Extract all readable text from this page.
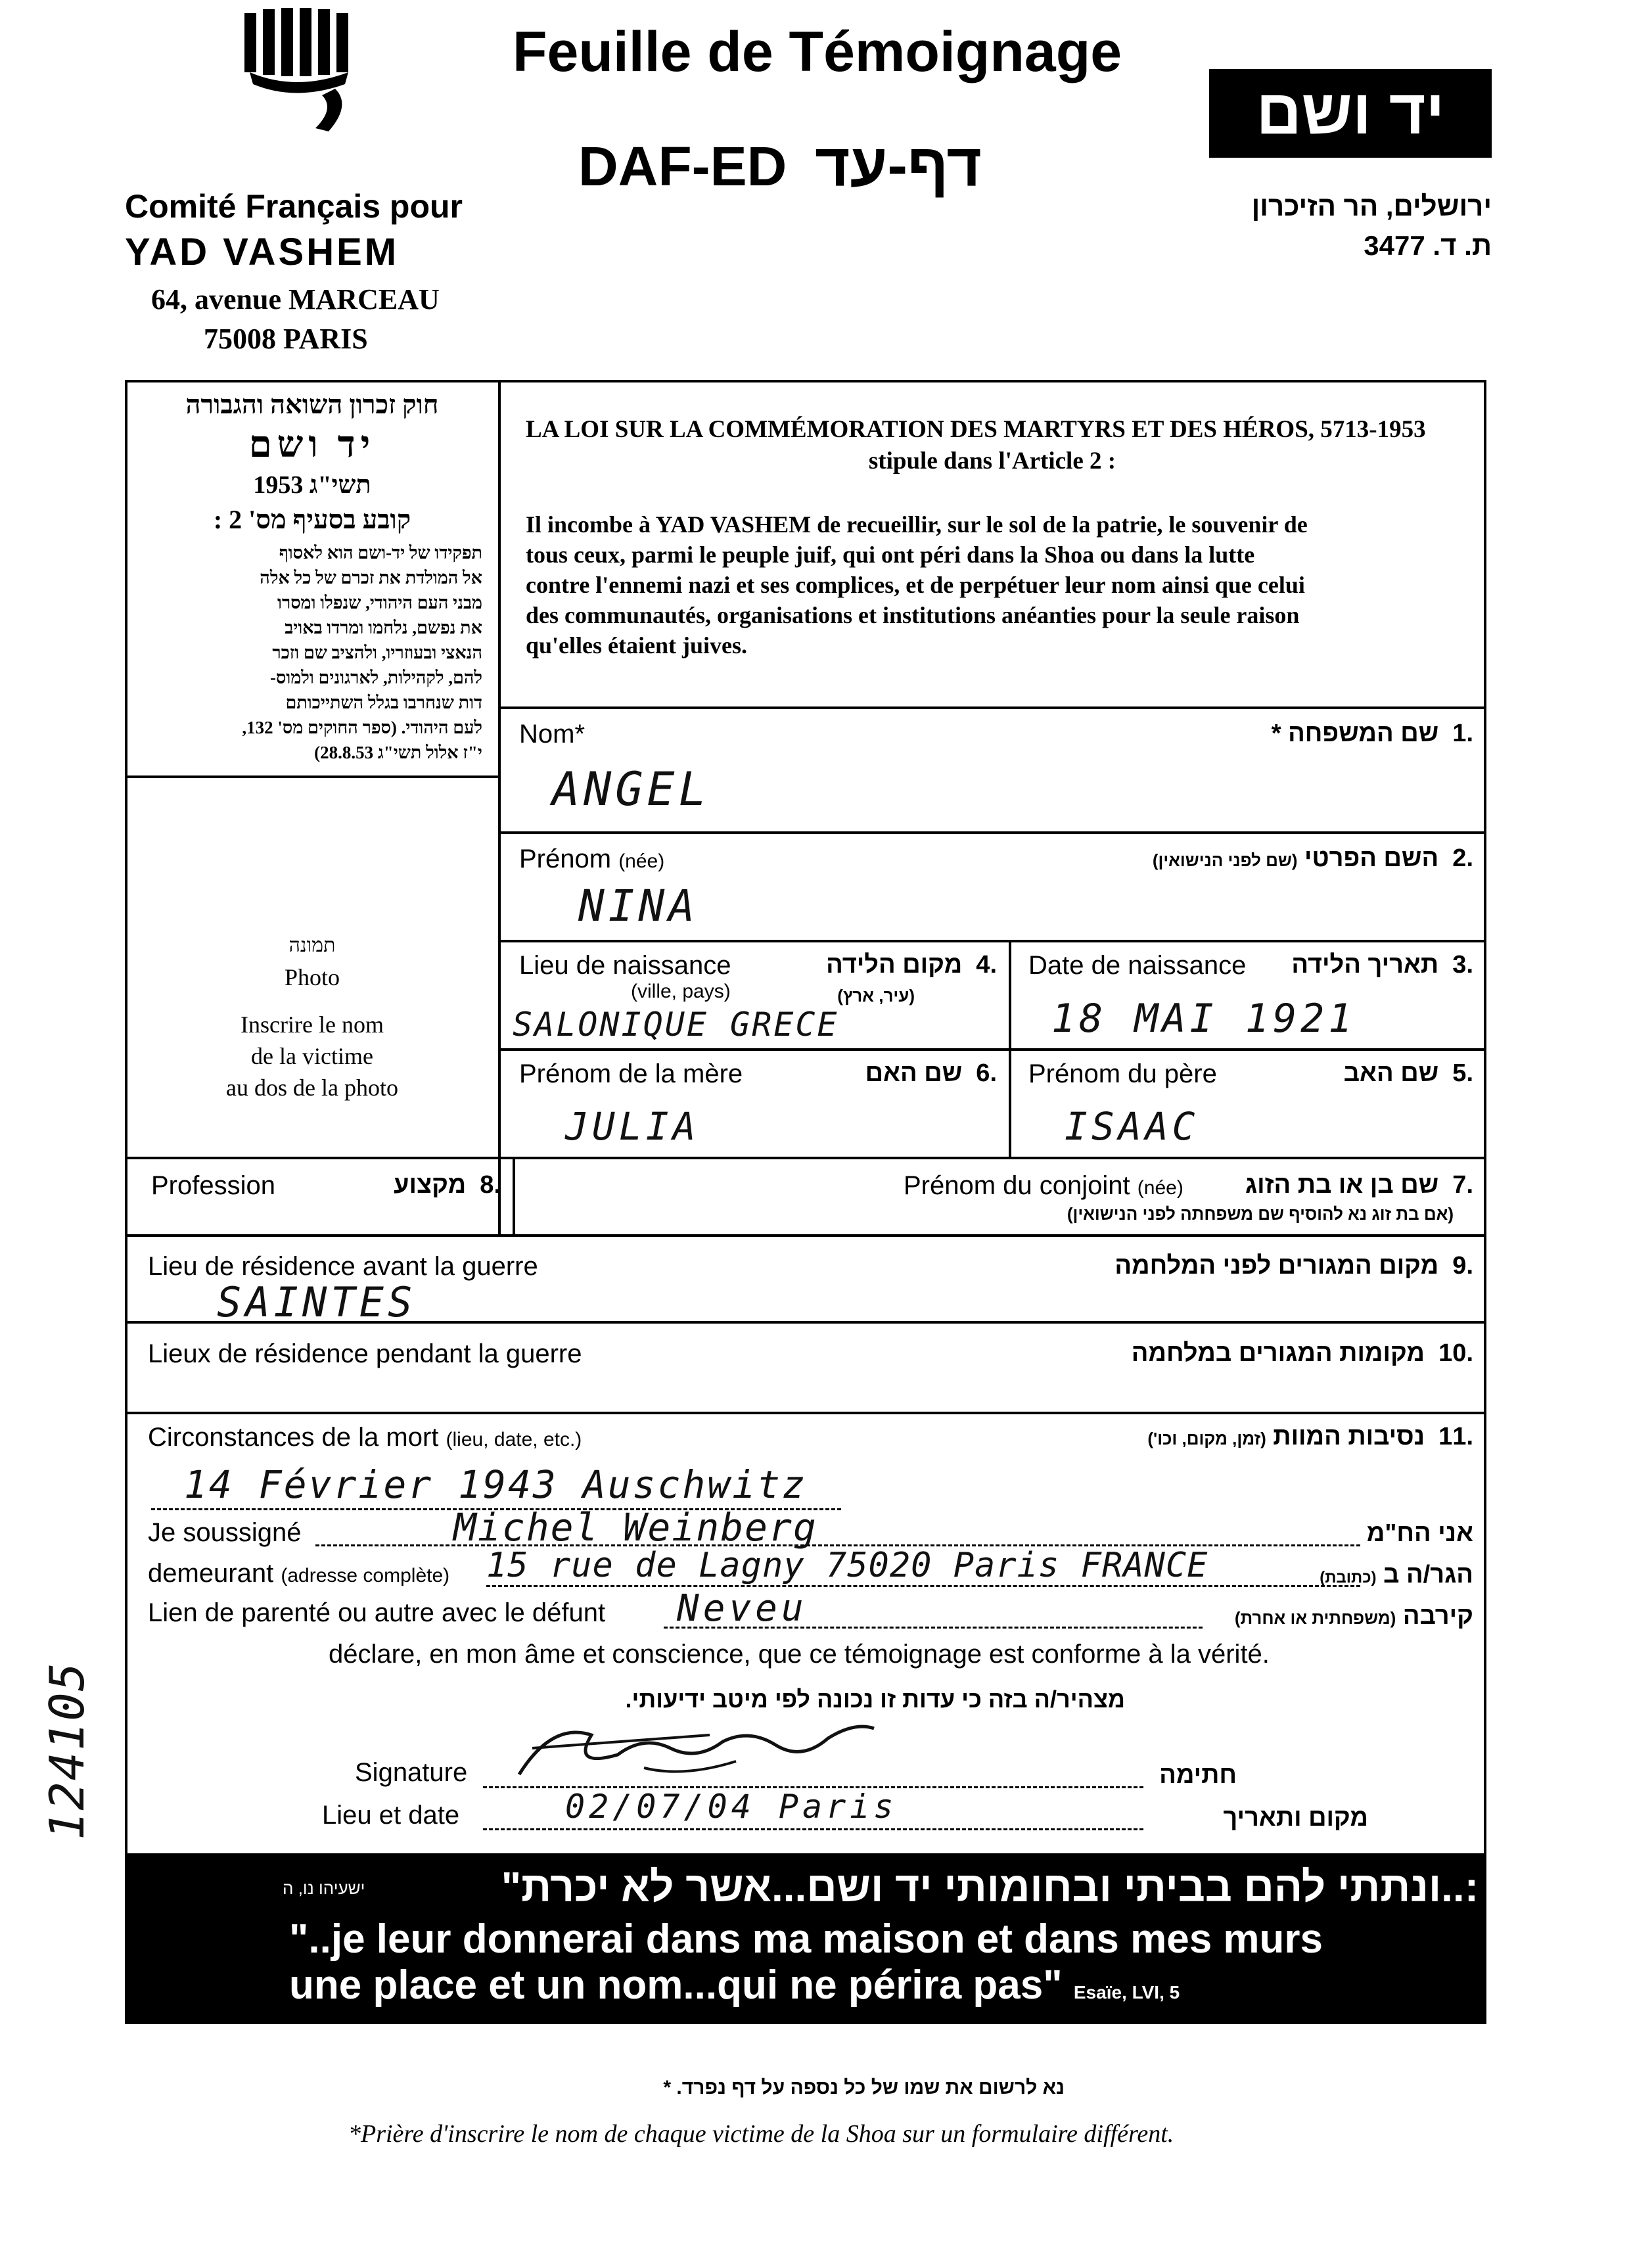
Feuille de Témoignage
DAF-ED דף-עד
Comité Français pour
YAD VASHEM
64, avenue MARCEAU
75008 PARIS
יד ושם
ירושלים, הר הזיכרון
ת. ד. 3477
חוק זכרון השואה והגבורה
יד ושם
תשי"ג 1953
קובע בסעיף מס' 2 :
תפקידו של יד-ושם הוא לאסוף
אל המולדת את זכרם של כל אלה
מבני העם היהודי, שנפלו ומסרו
את נפשם, נלחמו ומרדו באויב
הנאצי ובעוזריו, ולהציב שם וזכר
להם, לקהילות, לארגונים ולמוס-
דות שנחרבו בגלל השתייכותם
לעם היהודי. (ספר החוקים מס' 132,
י"ז אלול תשי"ג 28.8.53)
LA LOI SUR LA COMMÉMORATION DES MARTYRS ET DES HÉROS, 5713-1953
stipule dans l'Article 2 :
Il incombe à YAD VASHEM de recueillir, sur le sol de la patrie, le souvenir de
tous ceux, parmi le peuple juif, qui ont péri dans la Shoa ou dans la lutte
contre l'ennemi nazi et ses complices, et de perpétuer leur nom ainsi que celui
des communautés, organisations et institutions anéanties pour la seule raison
qu'elles étaient juives.
תמונה
Photo
Inscrire le nom
de la victime
au dos de la photo
Nom*	.1  שם המשפחה *
ANGEL
Prénom (née)	.2  השם הפרטי (שם לפני הנישואין)
NINA
Lieu de naissance
(ville, pays)
.4  מקום הלידה
(עיר, ארץ)
SALONIQUE GRECE
Date de naissance	.3  תאריך הלידה
18 MAI 1921
Prénom de la mère	.6  שם האם
JULIA
Prénom du père	.5  שם האב
ISAAC
Profession	.8  מקצוע	Prénom du conjoint (née)	.7  שם בן או בת הזוג
(אם בת זוג נא להוסיף שם משפחתה לפני הנישואין)
Lieu de résidence avant la guerre	.9  מקום המגורים לפני המלחמה
SAINTES
Lieux de résidence pendant la guerre	.10  מקומות המגורים במלחמה
Circonstances de la mort (lieu, date, etc.)	.11  נסיבות המוות (זמן, מקום, וכו')
14 Février 1943 Auschwitz
Je soussigné	Michel Weinberg	אני הח"מ
demeurant (adresse complète) 15 rue de Lagny 75020 Paris FRANCE	הגר/ה ב (כתובת)
Lien de parenté ou autre avec le défunt Neveu	קירבה (משפחתית או אחרת)
déclare, en mon âme et conscience, que ce témoignage est conforme à la vérité.
מצהיר/ה בזה כי עדות זו נכונה לפי מיטב ידיעותי.
Signature	חתימה
Lieu et date	02/07/04 Paris	מקום ותאריך
ישעיהו נו, ה	:..ונתתי להם בביתי ובחומותי יד ושם...אשר לא יכרת"
"..je leur donnerai dans ma maison et dans mes murs
une place et un nom...qui ne périra pas" Esaïe, LVI, 5
נא לרשום את שמו של כל נספה על דף נפרד. *
*Prière d'inscrire le nom de chaque victime de la Shoa sur un formulaire différent.
124105
